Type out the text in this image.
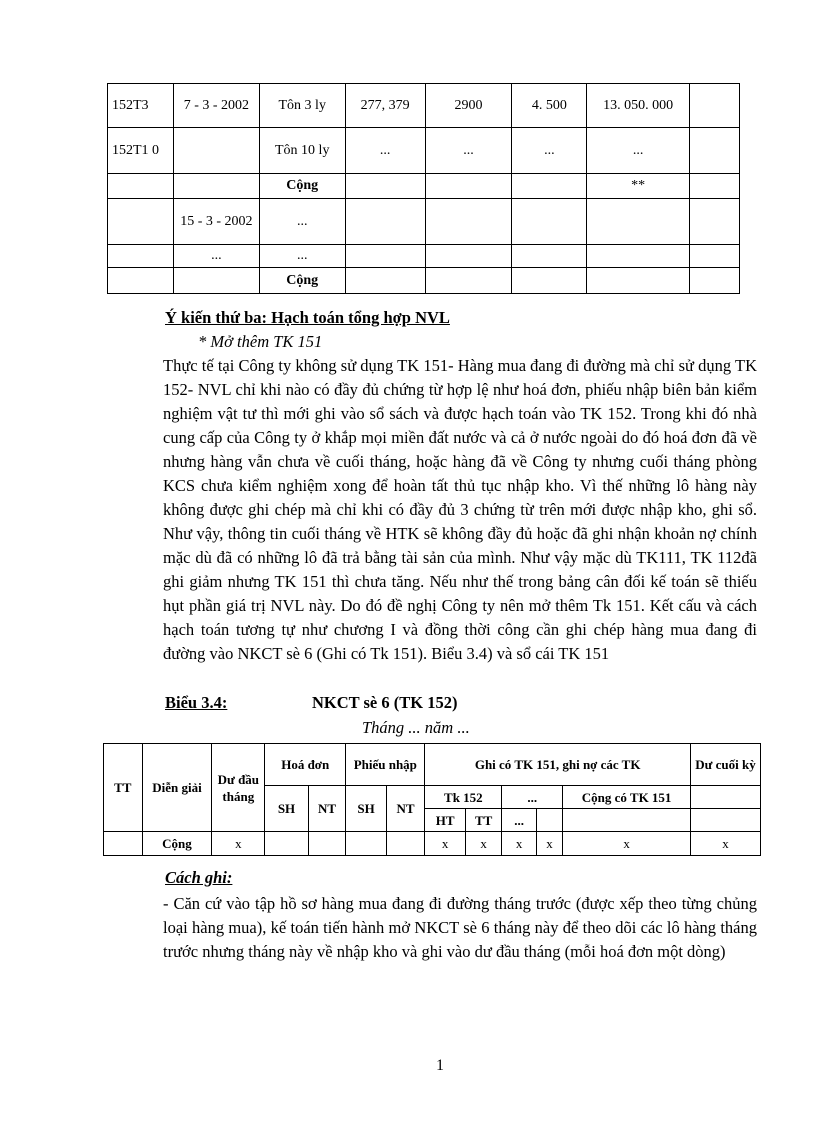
152T3	7 - 3 - 2002	Tôn 3 ly	277, 379	2900	4. 500	13. 050. 000	
152T1 0		Tôn 10 ly	...	...	...	...	
		Cộng				**	
	15 - 3 - 2002	...					
	...	...					
		Cộng					
Ý kiến thứ ba: Hạch toán tổng hợp NVL
* Mở thêm TK 151
Thực tế tại Công ty không sử dụng TK 151- Hàng mua đang đi đường mà chỉ sử dụng TK 152- NVL chỉ khi nào có đầy đủ chứng từ hợp lệ như hoá đơn, phiếu nhập biên bản kiểm nghiệm vật tư thì mới ghi vào sổ sách và được hạch toán vào TK 152. Trong khi đó nhà cung cấp của Công ty ở khắp mọi miền đất nước và cả ở nước ngoài do đó hoá đơn đã về nhưng hàng vẫn chưa về cuối tháng, hoặc hàng đã về Công ty nhưng cuối tháng phòng KCS chưa kiểm nghiệm xong để hoàn tất thủ tục nhập kho. Vì thế những lô hàng này không được ghi chép mà chỉ khi có đầy đủ 3 chứng từ trên mới được nhập kho, ghi sổ. Như vậy, thông tin cuối tháng về HTK sẽ không đầy đủ hoặc đã ghi nhận khoản nợ chính mặc dù đã có những lô đã trả bằng tài sản của mình. Như vậy mặc dù TK111, TK 112đã ghi giảm nhưng TK 151 thì chưa tăng. Nếu như thế trong bảng cân đối kế toán sẽ thiếu hụt phần giá trị NVL này. Do đó đề nghị Công ty nên mở thêm Tk 151. Kết cấu và cách hạch toán tương tự như chương I và đồng thời công cần ghi chép hàng mua đang đi đường vào NKCT sè 6 (Ghi có Tk 151). Biểu 3.4) và sổ cái TK 151
Biểu 3.4:	NKCT sè 6 (TK 152)
Tháng ... năm ...
TT	Diễn giải	Dư đầu tháng	Hoá đơn		Phiếu nhập		Ghi có TK 151, ghi nợ các TK					Dư cuối kỳ
			SH	NT	SH	NT	Tk 152		...		Cộng có TK 151	
							HT	TT	...			
	Cộng	x					x	x	x	x	x	x
Cách ghi:
- Căn cứ vào tập hồ sơ hàng mua đang đi đường tháng trước (được xếp theo từng chủng loại hàng mua), kế toán tiến hành mở NKCT sè 6 tháng này để theo dõi các lô hàng tháng trước nhưng tháng này về nhập kho và ghi vào dư đầu tháng (mỗi hoá đơn một dòng)
1
